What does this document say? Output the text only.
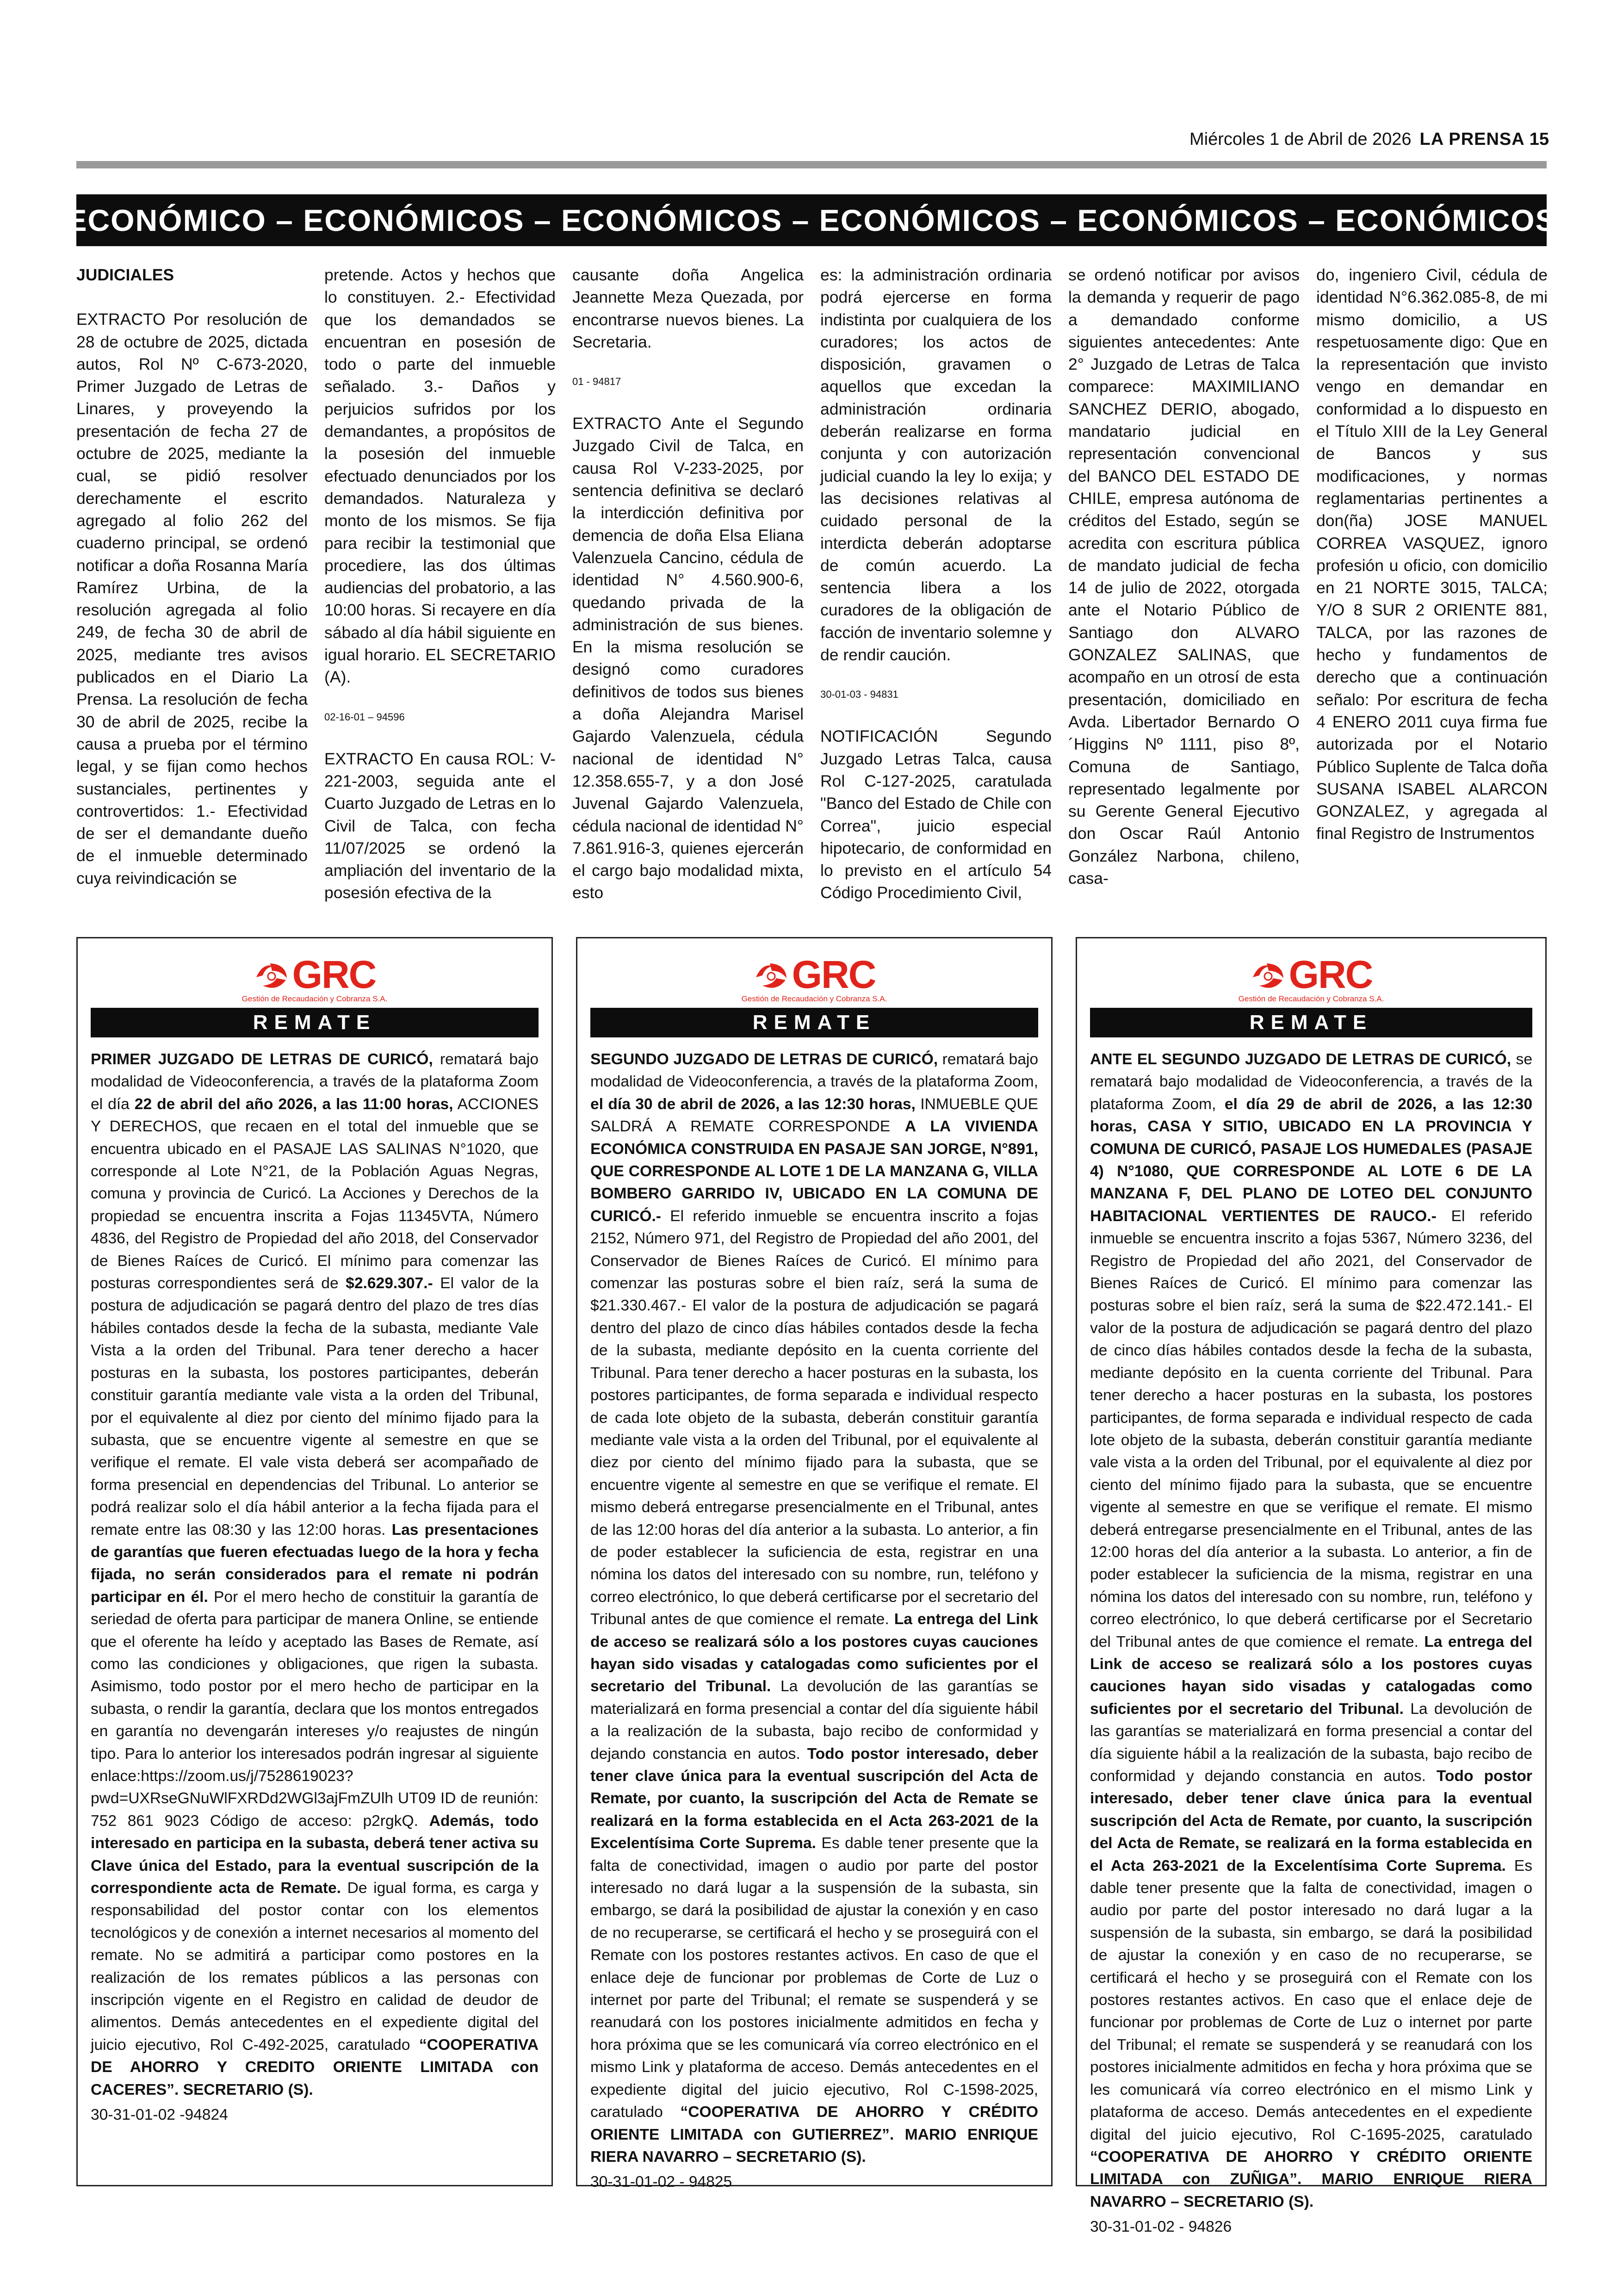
Miércoles 1 de Abril de 2026 LA PRENSA 15
ECONÓMICO – ECONÓMICOS – ECONÓMICOS – ECONÓMICOS – ECONÓMICOS – ECONÓMICOS
JUDICIALES

EXTRACTO Por resolución de 28 de octubre de 2025, dictada autos, Rol Nº C-673-2020, Primer Juzgado de Letras de Linares, y proveyendo la presentación de fecha 27 de octubre de 2025, mediante la cual, se pidió resolver derechamente el escrito agregado al folio 262 del cuaderno principal, se ordenó notificar a doña Rosanna María Ramírez Urbina, de la resolución agregada al folio 249, de fecha 30 de abril de 2025, mediante tres avisos publicados en el Diario La Prensa. La resolución de fecha 30 de abril de 2025, recibe la causa a prueba por el término legal, y se fijan como hechos sustanciales, pertinentes y controvertidos: 1.- Efectividad de ser el demandante dueño de el inmueble determinado cuya reivindicación se

pretende. Actos y hechos que lo constituyen. 2.- Efectividad que los demandados se encuentran en posesión de todo o parte del inmueble señalado. 3.- Daños y perjuicios sufridos por los demandantes, a propósitos de la posesión del inmueble efectuado denunciados por los demandados. Naturaleza y monto de los mismos. Se fija para recibir la testimonial que procediere, las dos últimas audiencias del probatorio, a las 10:00 horas. Si recayere en día sábado al día hábil siguiente en igual horario. EL SECRETARIO (A).

02-16-01 – 94596

EXTRACTO En causa ROL: V-221-2003, seguida ante el Cuarto Juzgado de Letras en lo Civil de Talca, con fecha 11/07/2025 se ordenó la ampliación del inventario de la posesión efectiva de la

causante doña Angelica Jeannette Meza Quezada, por encontrarse nuevos bienes. La Secretaria.

01 - 94817

EXTRACTO Ante el Segundo Juzgado Civil de Talca, en causa Rol V-233-2025, por sentencia definitiva se declaró la interdicción definitiva por demencia de doña Elsa Eliana Valenzuela Cancino, cédula de identidad N° 4.560.900-6, quedando privada de la administración de sus bienes. En la misma resolución se designó como curadores definitivos de todos sus bienes a doña Alejandra Marisel Gajardo Valenzuela, cédula nacional de identidad N° 12.358.655-7, y a don José Juvenal Gajardo Valenzuela, cédula nacional de identidad N° 7.861.916-3, quienes ejercerán el cargo bajo modalidad mixta, esto

es: la administración ordinaria podrá ejercerse en forma indistinta por cualquiera de los curadores; los actos de disposición, gravamen o aquellos que excedan la administración ordinaria deberán realizarse en forma conjunta y con autorización judicial cuando la ley lo exija; y las decisiones relativas al cuidado personal de la interdicta deberán adoptarse de común acuerdo. La sentencia libera a los curadores de la obligación de facción de inventario solemne y de rendir caución.

30-01-03 - 94831

NOTIFICACIÓN Segundo Juzgado Letras Talca, causa Rol C-127-2025, caratulada "Banco del Estado de Chile con Correa", juicio especial hipotecario, de conformidad en lo previsto en el artículo 54 Código Procedimiento Civil,

se ordenó notificar por avisos la demanda y requerir de pago a demandado conforme siguientes antecedentes: Ante 2° Juzgado de Letras de Talca comparece: MAXIMILIANO SANCHEZ DERIO, abogado, mandatario judicial en representación convencional del BANCO DEL ESTADO DE CHILE, empresa autónoma de créditos del Estado, según se acredita con escritura pública de mandato judicial de fecha 14 de julio de 2022, otorgada ante el Notario Público de Santiago don ALVARO GONZALEZ SALINAS, que acompaño en un otrosí de esta presentación, domiciliado en Avda. Libertador Bernardo O´Higgins Nº 1111, piso 8º, Comuna de Santiago, representado legalmente por su Gerente General Ejecutivo don Oscar Raúl Antonio González Narbona, chileno, casa-

do, ingeniero Civil, cédula de identidad N°6.362.085-8, de mi mismo domicilio, a US respetuosamente digo: Que en la representación que invisto vengo en demandar en conformidad a lo dispuesto en el Título XIII de la Ley General de Bancos y sus modificaciones, y normas reglamentarias pertinentes a don(ña) JOSE MANUEL CORREA VASQUEZ, ignoro profesión u oficio, con domicilio en 21 NORTE 3015, TALCA; Y/O 8 SUR 2 ORIENTE 881, TALCA, por las razones de hecho y fundamentos de derecho que a continuación señalo: Por escritura de fecha 4 ENERO 2011 cuya firma fue autorizada por el Notario Público Suplente de Talca doña SUSANA ISABEL ALARCON GONZALEZ, y agregada al final Registro de Instrumentos

GRC
Gestión de Recaudación y Cobranza S.A.
REMATE
PRIMER JUZGADO DE LETRAS DE CURICÓ, rematará bajo modalidad de Videoconferencia, a través de la plataforma Zoom el día 22 de abril del año 2026, a las 11:00 horas, ACCIONES Y DERECHOS, que recaen en el total del inmueble que se encuentra ubicado en el PASAJE LAS SALINAS N°1020, que corresponde al Lote N°21, de la Población Aguas Negras, comuna y provincia de Curicó. La Acciones y Derechos de la propiedad se encuentra inscrita a Fojas 11345VTA, Número 4836, del Registro de Propiedad del año 2018, del Conservador de Bienes Raíces de Curicó. El mínimo para comenzar las posturas correspondientes será de $2.629.307.- El valor de la postura de adjudicación se pagará dentro del plazo de tres días hábiles contados desde la fecha de la subasta, mediante Vale Vista a la orden del Tribunal. Para tener derecho a hacer posturas en la subasta, los postores participantes, deberán constituir garantía mediante vale vista a la orden del Tribunal, por el equivalente al diez por ciento del mínimo fijado para la subasta, que se encuentre vigente al semestre en que se verifique el remate. El vale vista deberá ser acompañado de forma presencial en dependencias del Tribunal. Lo anterior se podrá realizar solo el día hábil anterior a la fecha fijada para el remate entre las 08:30 y las 12:00 horas. Las presentaciones de garantías que fueren efectuadas luego de la hora y fecha fijada, no serán considerados para el remate ni podrán participar en él. Por el mero hecho de constituir la garantía de seriedad de oferta para participar de manera Online, se entiende que el oferente ha leído y aceptado las Bases de Remate, así como las condiciones y obligaciones, que rigen la subasta. Asimismo, todo postor por el mero hecho de participar en la subasta, o rendir la garantía, declara que los montos entregados en garantía no devengarán intereses y/o reajustes de ningún tipo. Para lo anterior los interesados podrán ingresar al siguiente enlace:https://zoom.us/j/7528619023?pwd=UXRseGNuWlFXRDd2WGl3ajFmZUlh UT09 ID de reunión: 752 861 9023 Código de acceso: p2rgkQ. Además, todo interesado en participa en la subasta, deberá tener activa su Clave única del Estado, para la eventual suscripción de la correspondiente acta de Remate. De igual forma, es carga y responsabilidad del postor contar con los elementos tecnológicos y de conexión a internet necesarios al momento del remate. No se admitirá a participar como postores en la realización de los remates públicos a las personas con inscripción vigente en el Registro en calidad de deudor de alimentos. Demás antecedentes en el expediente digital del juicio ejecutivo, Rol C-492-2025, caratulado “COOPERATIVA DE AHORRO Y CREDITO ORIENTE LIMITADA con CACERES”. SECRETARIO (S).
30-31-01-02 -94824
GRC
Gestión de Recaudación y Cobranza S.A.
REMATE
SEGUNDO JUZGADO DE LETRAS DE CURICÓ, rematará bajo modalidad de Videoconferencia, a través de la plataforma Zoom, el día 30 de abril de 2026, a las 12:30 horas, INMUEBLE QUE SALDRÁ A REMATE CORRESPONDE A LA VIVIENDA ECONÓMICA CONSTRUIDA EN PASAJE SAN JORGE, N°891, QUE CORRESPONDE AL LOTE 1 DE LA MANZANA G, VILLA BOMBERO GARRIDO IV, UBICADO EN LA COMUNA DE CURICÓ.- El referido inmueble se encuentra inscrito a fojas 2152, Número 971, del Registro de Propiedad del año 2001, del Conservador de Bienes Raíces de Curicó. El mínimo para comenzar las posturas sobre el bien raíz, será la suma de $21.330.467.- El valor de la postura de adjudicación se pagará dentro del plazo de cinco días hábiles contados desde la fecha de la subasta, mediante depósito en la cuenta corriente del Tribunal. Para tener derecho a hacer posturas en la subasta, los postores participantes, de forma separada e individual respecto de cada lote objeto de la subasta, deberán constituir garantía mediante vale vista a la orden del Tribunal, por el equivalente al diez por ciento del mínimo fijado para la subasta, que se encuentre vigente al semestre en que se verifique el remate. El mismo deberá entregarse presencialmente en el Tribunal, antes de las 12:00 horas del día anterior a la subasta. Lo anterior, a fin de poder establecer la suficiencia de esta, registrar en una nómina los datos del interesado con su nombre, run, teléfono y correo electrónico, lo que deberá certificarse por el secretario del Tribunal antes de que comience el remate. La entrega del Link de acceso se realizará sólo a los postores cuyas cauciones hayan sido visadas y catalogadas como suficientes por el secretario del Tribunal. La devolución de las garantías se materializará en forma presencial a contar del día siguiente hábil a la realización de la subasta, bajo recibo de conformidad y dejando constancia en autos. Todo postor interesado, deber tener clave única para la eventual suscripción del Acta de Remate, por cuanto, la suscripción del Acta de Remate se realizará en la forma establecida en el Acta 263-2021 de la Excelentísima Corte Suprema. Es dable tener presente que la falta de conectividad, imagen o audio por parte del postor interesado no dará lugar a la suspensión de la subasta, sin embargo, se dará la posibilidad de ajustar la conexión y en caso de no recuperarse, se certificará el hecho y se proseguirá con el Remate con los postores restantes activos. En caso de que el enlace deje de funcionar por problemas de Corte de Luz o internet por parte del Tribunal; el remate se suspenderá y se reanudará con los postores inicialmente admitidos en fecha y hora próxima que se les comunicará vía correo electrónico en el mismo Link y plataforma de acceso. Demás antecedentes en el expediente digital del juicio ejecutivo, Rol C-1598-2025, caratulado “COOPERATIVA DE AHORRO Y CRÉDITO ORIENTE LIMITADA con GUTIERREZ”. MARIO ENRIQUE RIERA NAVARRO – SECRETARIO (S).
30-31-01-02 - 94825
GRC
Gestión de Recaudación y Cobranza S.A.
REMATE
ANTE EL SEGUNDO JUZGADO DE LETRAS DE CURICÓ, se rematará bajo modalidad de Videoconferencia, a través de la plataforma Zoom, el día 29 de abril de 2026, a las 12:30 horas, CASA Y SITIO, UBICADO EN LA PROVINCIA Y COMUNA DE CURICÓ, PASAJE LOS HUMEDALES (PASAJE 4) N°1080, QUE CORRESPONDE AL LOTE 6 DE LA MANZANA F, DEL PLANO DE LOTEO DEL CONJUNTO HABITACIONAL VERTIENTES DE RAUCO.- El referido inmueble se encuentra inscrito a fojas 5367, Número 3236, del Registro de Propiedad del año 2021, del Conservador de Bienes Raíces de Curicó. El mínimo para comenzar las posturas sobre el bien raíz, será la suma de $22.472.141.- El valor de la postura de adjudicación se pagará dentro del plazo de cinco días hábiles contados desde la fecha de la subasta, mediante depósito en la cuenta corriente del Tribunal. Para tener derecho a hacer posturas en la subasta, los postores participantes, de forma separada e individual respecto de cada lote objeto de la subasta, deberán constituir garantía mediante vale vista a la orden del Tribunal, por el equivalente al diez por ciento del mínimo fijado para la subasta, que se encuentre vigente al semestre en que se verifique el remate. El mismo deberá entregarse presencialmente en el Tribunal, antes de las 12:00 horas del día anterior a la subasta. Lo anterior, a fin de poder establecer la suficiencia de la misma, registrar en una nómina los datos del interesado con su nombre, run, teléfono y correo electrónico, lo que deberá certificarse por el Secretario del Tribunal antes de que comience el remate. La entrega del Link de acceso se realizará sólo a los postores cuyas cauciones hayan sido visadas y catalogadas como suficientes por el secretario del Tribunal. La devolución de las garantías se materializará en forma presencial a contar del día siguiente hábil a la realización de la subasta, bajo recibo de conformidad y dejando constancia en autos. Todo postor interesado, deber tener clave única para la eventual suscripción del Acta de Remate, por cuanto, la suscripción del Acta de Remate, se realizará en la forma establecida en el Acta 263-2021 de la Excelentísima Corte Suprema. Es dable tener presente que la falta de conectividad, imagen o audio por parte del postor interesado no dará lugar a la suspensión de la subasta, sin embargo, se dará la posibilidad de ajustar la conexión y en caso de no recuperarse, se certificará el hecho y se proseguirá con el Remate con los postores restantes activos. En caso que el enlace deje de funcionar por problemas de Corte de Luz o internet por parte del Tribunal; el remate se suspenderá y se reanudará con los postores inicialmente admitidos en fecha y hora próxima que se les comunicará vía correo electrónico en el mismo Link y plataforma de acceso. Demás antecedentes en el expediente digital del juicio ejecutivo, Rol C-1695-2025, caratulado “COOPERATIVA DE AHORRO Y CRÉDITO ORIENTE LIMITADA con ZUÑIGA”. MARIO ENRIQUE RIERA NAVARRO – SECRETARIO (S).
30-31-01-02 - 94826
